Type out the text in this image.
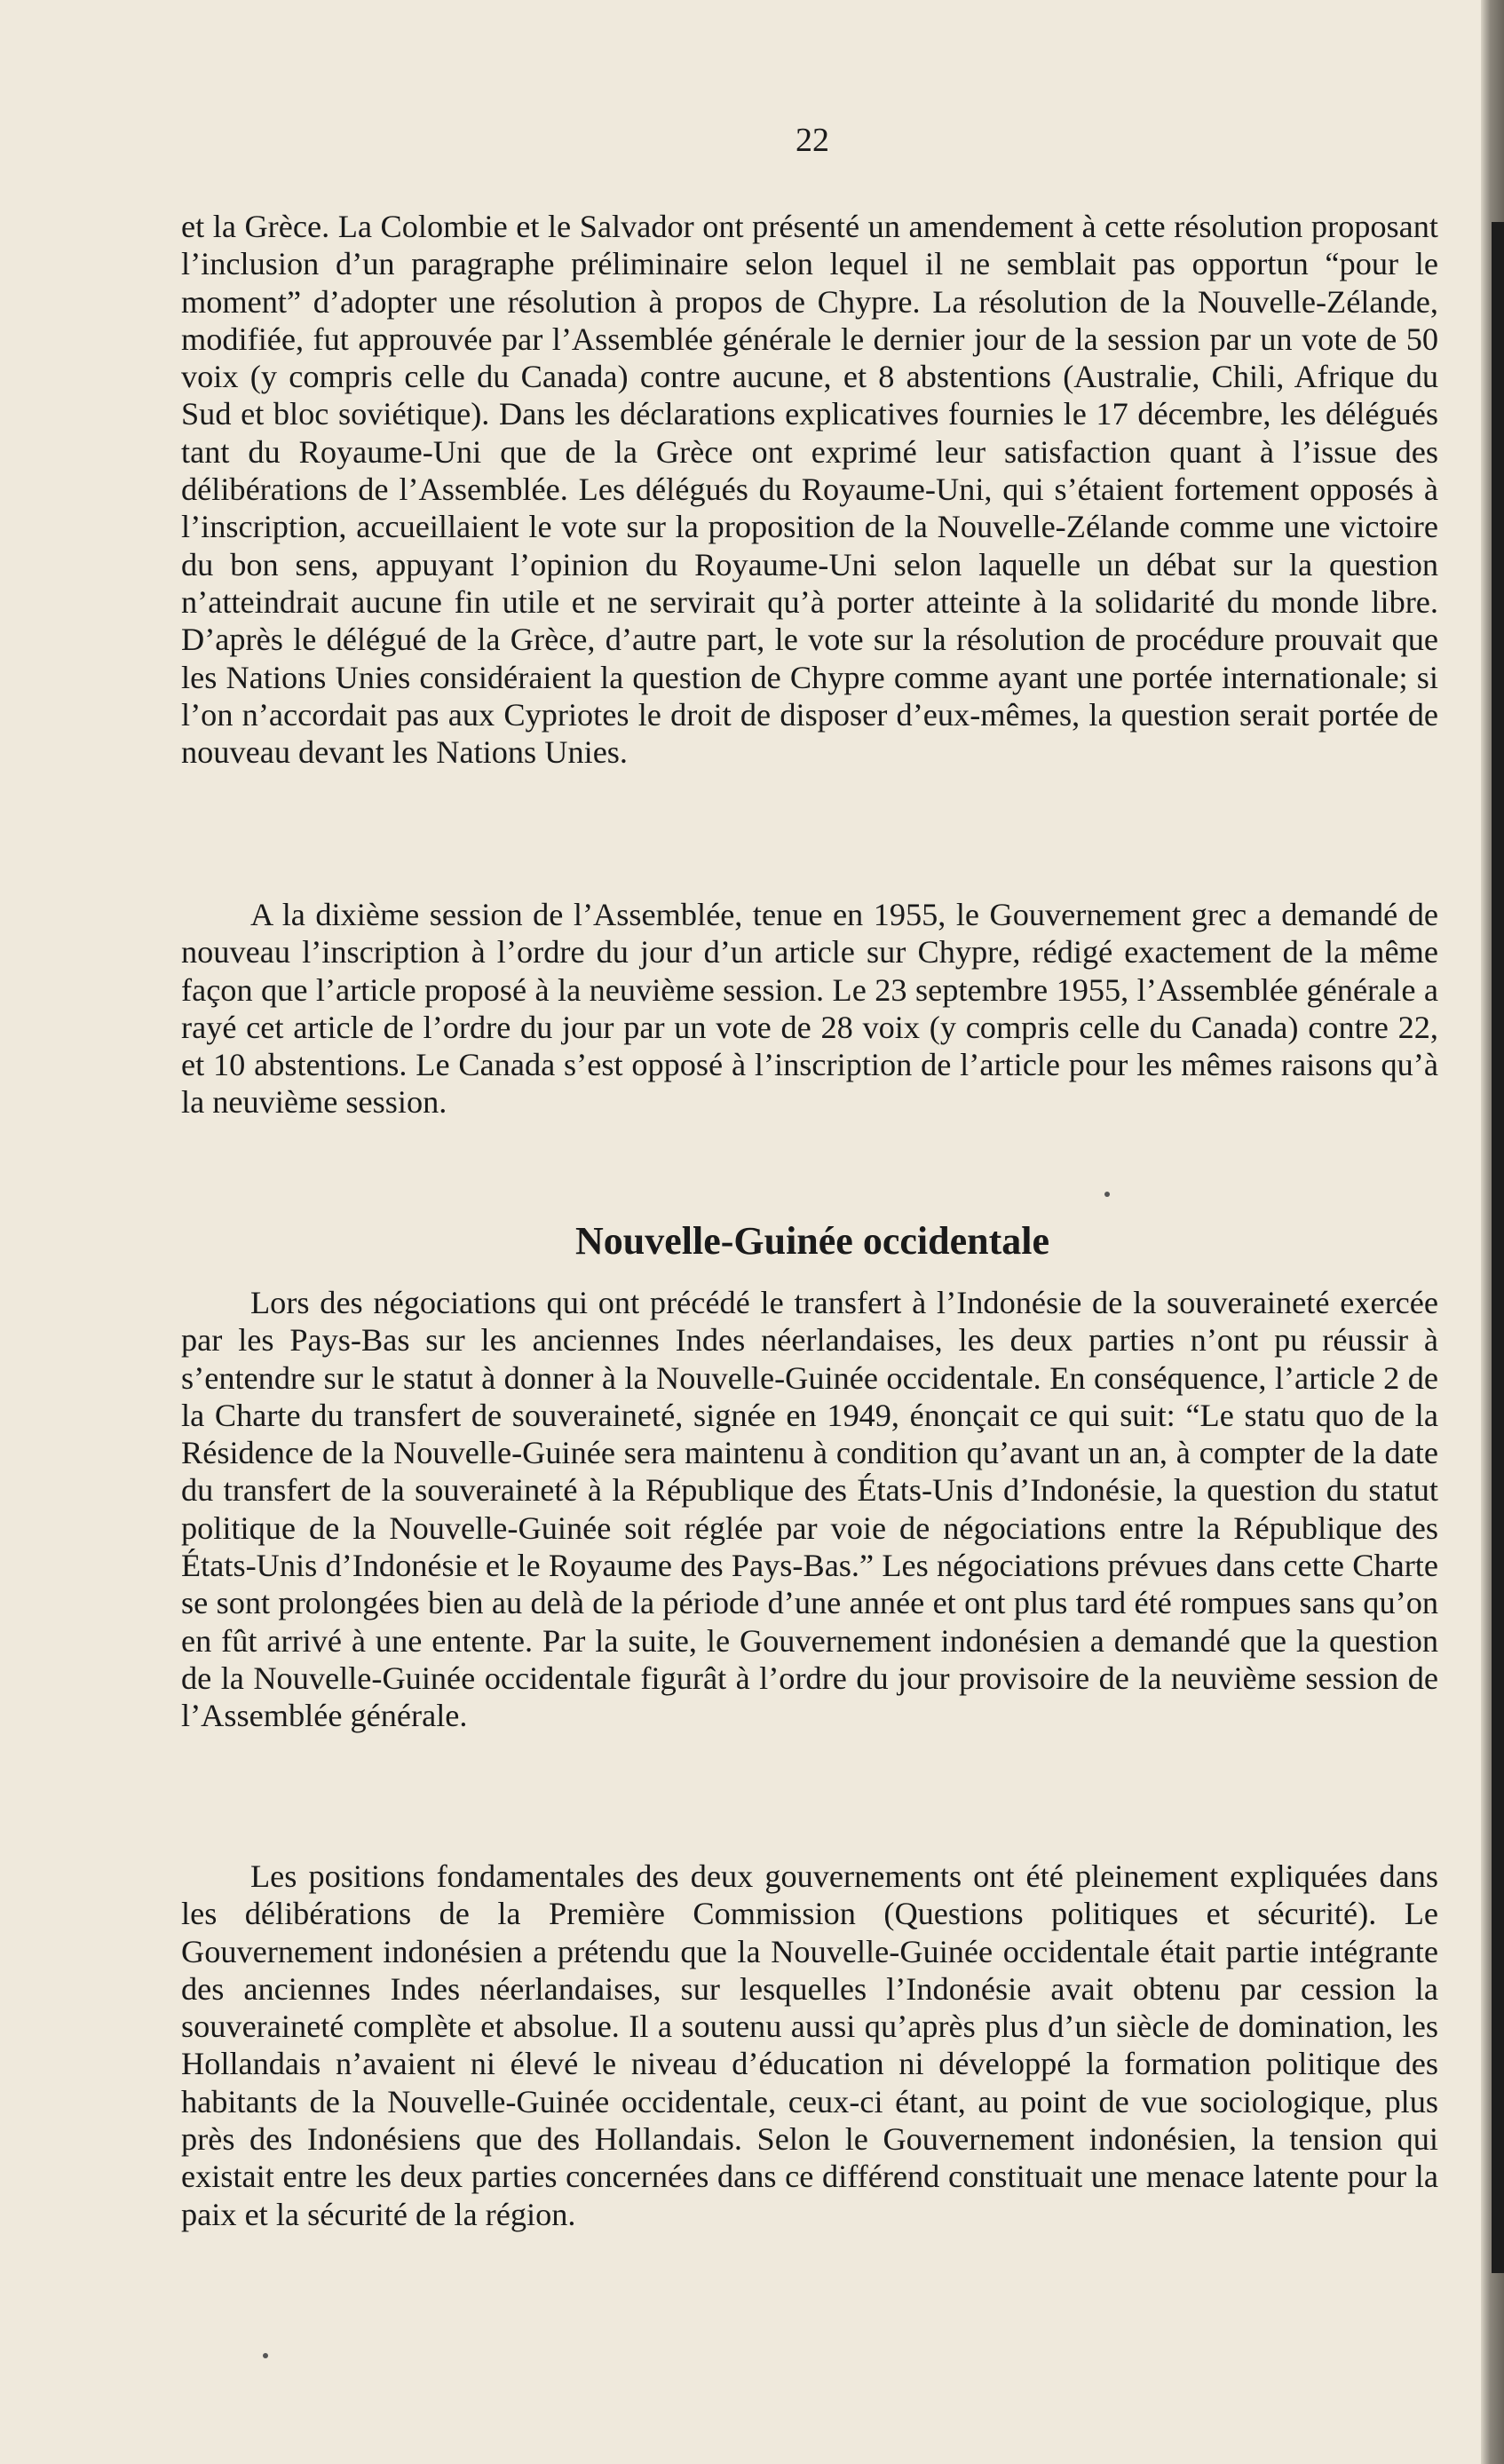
22

et la Grèce. La Colombie et le Salvador ont présenté un amendement à cette résolution proposant l’inclusion d’un paragraphe préliminaire selon lequel il ne semblait pas opportun “pour le moment” d’adopter une résolution à propos de Chypre. La résolution de la Nouvelle-Zélande, modifiée, fut approuvée par l’Assemblée générale le dernier jour de la session par un vote de 50 voix (y compris celle du Canada) contre aucune, et 8 abstentions (Australie, Chili, Afrique du Sud et bloc soviétique). Dans les déclarations explicatives fournies le 17 décembre, les délégués tant du Royaume-Uni que de la Grèce ont exprimé leur satisfaction quant à l’issue des délibérations de l’Assemblée. Les délégués du Royaume-Uni, qui s’étaient fortement opposés à l’inscription, accueillaient le vote sur la proposition de la Nouvelle-Zélande comme une victoire du bon sens, appuyant l’opinion du Royaume-Uni selon laquelle un débat sur la question n’atteindrait aucune fin utile et ne servirait qu’à porter atteinte à la solidarité du monde libre. D’après le délégué de la Grèce, d’autre part, le vote sur la résolution de procédure prouvait que les Nations Unies considéraient la question de Chypre comme ayant une portée internationale; si l’on n’accordait pas aux Cypriotes le droit de disposer d’eux-mêmes, la question serait portée de nouveau devant les Nations Unies.

A la dixième session de l’Assemblée, tenue en 1955, le Gouvernement grec a demandé de nouveau l’inscription à l’ordre du jour d’un article sur Chypre, rédigé exactement de la même façon que l’article proposé à la neuvième session. Le 23 septembre 1955, l’Assemblée générale a rayé cet article de l’ordre du jour par un vote de 28 voix (y compris celle du Canada) contre 22, et 10 abstentions. Le Canada s’est opposé à l’inscription de l’article pour les mêmes raisons qu’à la neuvième session.

Nouvelle-Guinée occidentale

Lors des négociations qui ont précédé le transfert à l’Indonésie de la souveraineté exercée par les Pays-Bas sur les anciennes Indes néerlandaises, les deux parties n’ont pu réussir à s’entendre sur le statut à donner à la Nouvelle-Guinée occidentale. En conséquence, l’article 2 de la Charte du transfert de souveraineté, signée en 1949, énonçait ce qui suit: “Le statu quo de la Résidence de la Nouvelle-Guinée sera maintenu à condition qu’avant un an, à compter de la date du transfert de la souveraineté à la République des États-Unis d’Indonésie, la question du statut politique de la Nouvelle-Guinée soit réglée par voie de négociations entre la République des États-Unis d’Indonésie et le Royaume des Pays-Bas.” Les négociations prévues dans cette Charte se sont prolongées bien au delà de la période d’une année et ont plus tard été rompues sans qu’on en fût arrivé à une entente. Par la suite, le Gouvernement indonésien a demandé que la question de la Nouvelle-Guinée occidentale figurât à l’ordre du jour provisoire de la neuvième session de l’Assemblée générale.

Les positions fondamentales des deux gouvernements ont été pleinement expliquées dans les délibérations de la Première Commission (Questions politiques et sécurité). Le Gouvernement indonésien a prétendu que la Nouvelle-Guinée occidentale était partie intégrante des anciennes Indes néerlandaises, sur lesquelles l’Indonésie avait obtenu par cession la souveraineté complète et absolue. Il a soutenu aussi qu’après plus d’un siècle de domination, les Hollandais n’avaient ni élevé le niveau d’éducation ni développé la formation politique des habitants de la Nouvelle-Guinée occidentale, ceux-ci étant, au point de vue sociologique, plus près des Indonésiens que des Hollandais. Selon le Gouvernement indonésien, la tension qui existait entre les deux parties concernées dans ce différend constituait une menace latente pour la paix et la sécurité de la région.
